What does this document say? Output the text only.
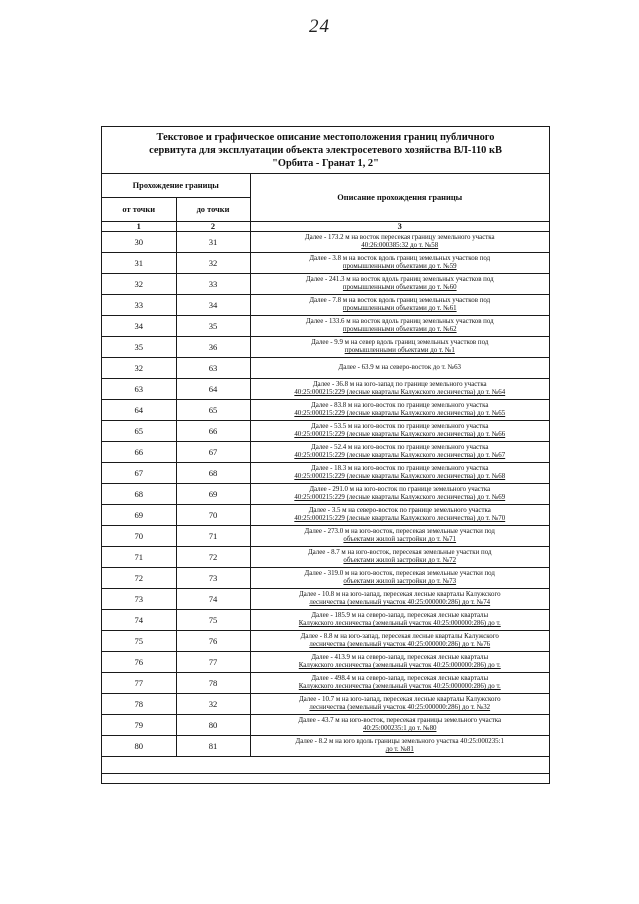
24
Текстовое и графическое описание местоположения границ публичного
сервитута для эксплуатации объекта электросетевого хозяйства ВЛ-110 кВ
"Орбита - Гранат 1, 2"
Прохождение границы		Описание прохождения границы
от точки	до точки	
1	2	3
30	31	Далее - 173.2 м на восток пересекая границу земельного участка
40:26:000385:32 до т. №58

31	32	Далее - 3.8 м на восток вдоль границ земельных участков под
промышленными объектами до т. №59

32	33	Далее - 241.3 м на восток вдоль границ земельных участков под
промышленными объектами до т. №60

33	34	Далее - 7.8 м на восток вдоль границ земельных участков под
промышленными объектами до т. №61

34	35	Далее - 133.6 м на восток вдоль границ земельных участков под
промышленными объектами до т. №62

35	36	Далее - 9.9 м на север вдоль границ земельных участков под
промышленными объектами до т. №1

32	63	Далее - 63.9 м на северо-восток до т. №63

63	64	Далее - 36.8 м на юго-запад по границе земельного участка
40:25:000215:229 (лесные кварталы Калужского лесничества) до т. №64

64	65	Далее - 83.8 м на юго-восток по границе земельного участка
40:25:000215:229 (лесные кварталы Калужского лесничества) до т. №65

65	66	Далее - 53.5 м на юго-восток по границе земельного участка
40:25:000215:229 (лесные кварталы Калужского лесничества) до т. №66

66	67	Далее - 52.4 м на юго-восток по границе земельного участка
40:25:000215:229 (лесные кварталы Калужского лесничества) до т. №67

67	68	Далее - 18.3 м на юго-восток по границе земельного участка
40:25:000215:229 (лесные кварталы Калужского лесничества) до т. №68

68	69	Далее - 291.0 м на юго-восток по границе земельного участка
40:25:000215:229 (лесные кварталы Калужского лесничества) до т. №69

69	70	Далее - 3.5 м на северо-восток по границе земельного участка
40:25:000215:229 (лесные кварталы Калужского лесничества) до т. №70

70	71	Далее - 273.0 м на юго-восток, пересекая земельные участки под
объектами жилой застройки до т. №71

71	72	Далее - 8.7 м на юго-восток, пересекая земельные участки под
объектами жилой застройки до т. №72

72	73	Далее - 319.0 м на юго-восток, пересекая земельные участки под
объектами жилой застройки до т. №73

73	74	Далее - 10.8 м на юго-запад, пересекая лесные кварталы Калужского
лесничества (земельный участок 40:25:000000:286) до т. №74

74	75	Далее - 185.9 м на северо-запад, пересекая лесные кварталы
Калужского лесничества (земельный участок 40:25:000000:286) до т.

75	76	Далее - 8.8 м на юго-запад, пересекая лесные кварталы Калужского
лесничества (земельный участок 40:25:000000:286) до т. №76

76	77	Далее - 413.9 м на северо-запад, пересекая лесные кварталы
Калужского лесничества (земельный участок 40:25:000000:286) до т.

77	78	Далее - 498.4 м на северо-запад, пересекая лесные кварталы
Калужского лесничества (земельный участок 40:25:000000:286) до т.

78	32	Далее - 10.7 м на юго-запад, пересекая лесные кварталы Калужского
лесничества (земельный участок 40:25:000000:286) до т. №32

79	80	Далее - 43.7 м на юго-восток, пересекая границы земельного участка
40:25:000235:1 до т. №80

80	81	Далее - 8.2 м на юго вдоль границы земельного участка 40:25:000235:1
до т. №81
